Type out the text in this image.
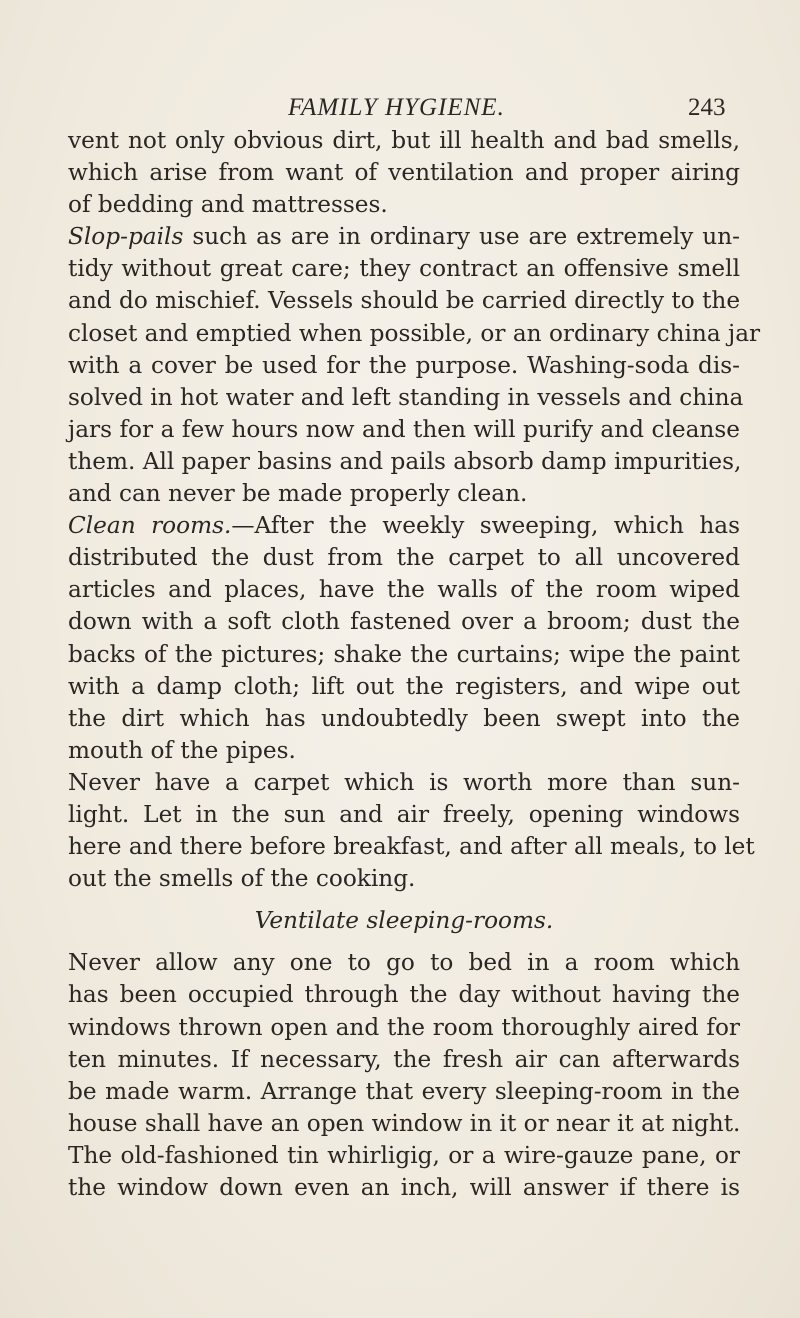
FAMILY HYGIENE.	243
vent not only obvious dirt, but ill health and bad smells,
which arise from want of ventilation and proper airing
of bedding and mattresses.
Slop-pails such as are in ordinary use are extremely un-
tidy without great care; they contract an offensive smell
and do mischief. Vessels should be carried directly to the
closet and emptied when possible, or an ordinary china jar
with a cover be used for the purpose. Washing-soda dis-
solved in hot water and left standing in vessels and china
jars for a few hours now and then will purify and cleanse
them. All paper basins and pails absorb damp impurities,
and can never be made properly clean.
Clean rooms.—After the weekly sweeping, which has
distributed the dust from the carpet to all uncovered
articles and places, have the walls of the room wiped
down with a soft cloth fastened over a broom; dust the
backs of the pictures; shake the curtains; wipe the paint
with a damp cloth; lift out the registers, and wipe out
the dirt which has undoubtedly been swept into the
mouth of the pipes.
Never have a carpet which is worth more than sun-
light. Let in the sun and air freely, opening windows
here and there before breakfast, and after all meals, to let
out the smells of the cooking.
Ventilate sleeping-rooms.
Never allow any one to go to bed in a room which
has been occupied through the day without having the
windows thrown open and the room thoroughly aired for
ten minutes. If necessary, the fresh air can afterwards
be made warm. Arrange that every sleeping-room in the
house shall have an open window in it or near it at night.
The old-fashioned tin whirligig, or a wire-gauze pane, or
the window down even an inch, will answer if there is
